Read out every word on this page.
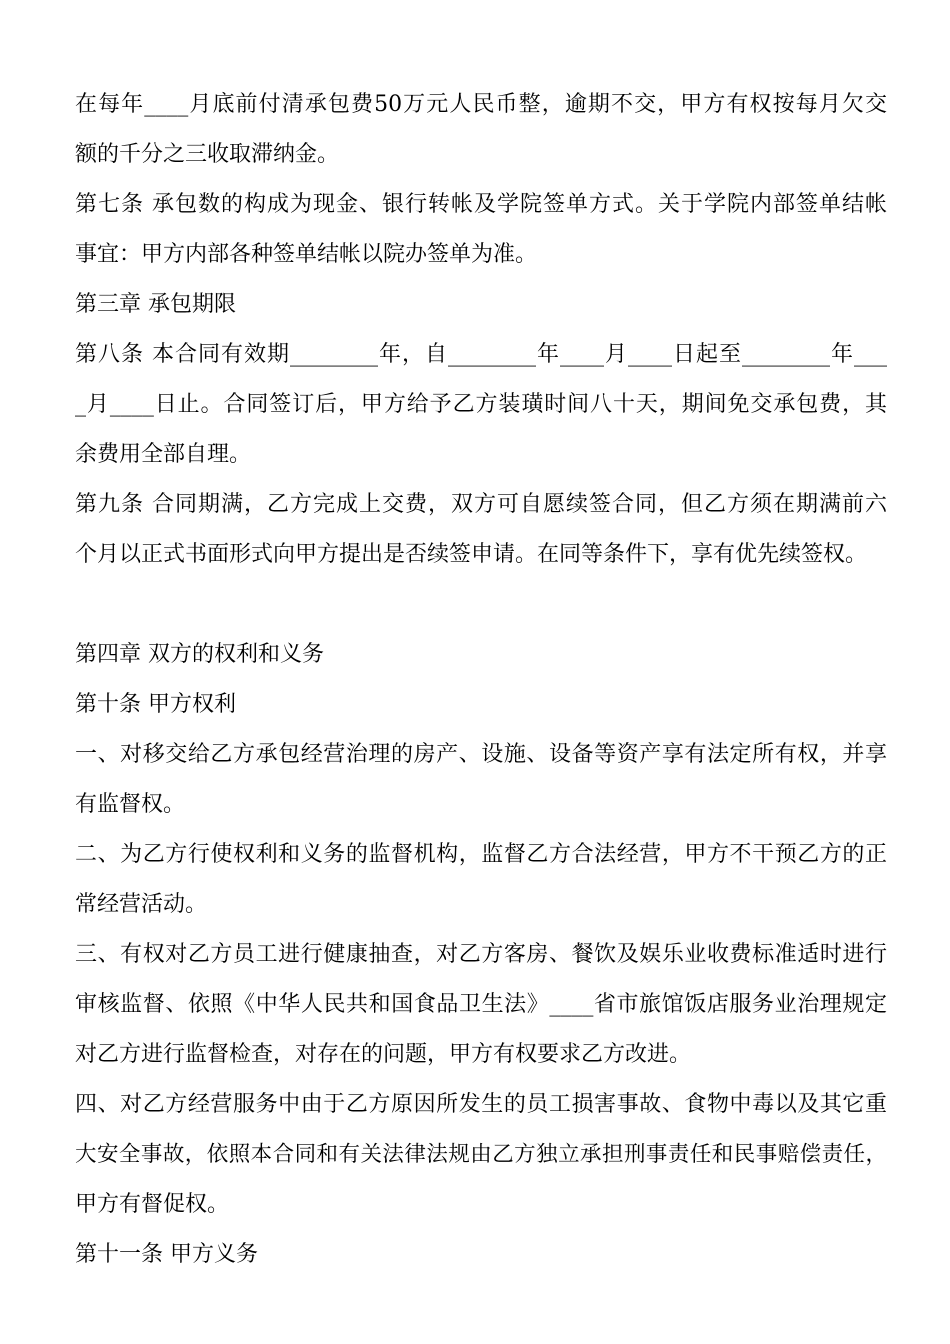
在每年____月底前付清承包费50万元人民币整，逾期不交，甲方有权按每月欠交
额的千分之三收取滞纳金。
第七条 承包数的构成为现金、银行转帐及学院签单方式。关于学院内部签单结帐
事宜：甲方内部各种签单结帐以院办签单为准。
第三章 承包期限
第八条 本合同有效期________年，自________年____月____日起至________年___
_月____日止。合同签订后，甲方给予乙方装璜时间八十天，期间免交承包费，其
余费用全部自理。
第九条 合同期满，乙方完成上交费，双方可自愿续签合同，但乙方须在期满前六
个月以正式书面形式向甲方提出是否续签申请。在同等条件下，享有优先续签权。
第四章 双方的权利和义务
第十条 甲方权利
一、对移交给乙方承包经营治理的房产、设施、设备等资产享有法定所有权，并享
有监督权。
二、为乙方行使权利和义务的监督机构，监督乙方合法经营，甲方不干预乙方的正
常经营活动。
三、有权对乙方员工进行健康抽查，对乙方客房、餐饮及娱乐业收费标准适时进行
审核监督、依照《中华人民共和国食品卫生法》____省市旅馆饭店服务业治理规定
对乙方进行监督检查，对存在的问题，甲方有权要求乙方改进。
四、对乙方经营服务中由于乙方原因所发生的员工损害事故、食物中毒以及其它重
大安全事故，依照本合同和有关法律法规由乙方独立承担刑事责任和民事赔偿责任，
甲方有督促权。
第十一条 甲方义务
